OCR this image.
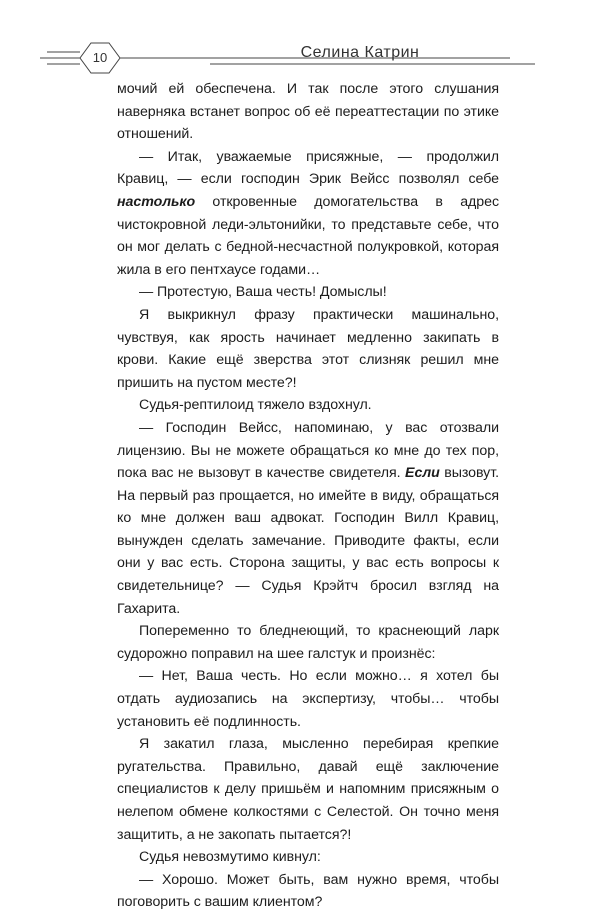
10	Селина Катрин

мочий ей обеспечена. И так после этого слушания наверняка встанет вопрос об её переаттестации по этике отношений.

— Итак, уважаемые присяжные, — продолжил Кравиц, — если господин Эрик Вейсс позволял себе настолько откровенные домогательства в адрес чистокровной леди-эльтонийки, то представьте себе, что он мог делать с бедной-несчастной полукровкой, которая жила в его пентхаусе годами…

— Протестую, Ваша честь! Домыслы!

Я выкрикнул фразу практически машинально, чувствуя, как ярость начинает медленно закипать в крови. Какие ещё зверства этот слизняк решил мне пришить на пустом месте?!

Судья-рептилоид тяжело вздохнул.

— Господин Вейсс, напоминаю, у вас отозвали лицензию. Вы не можете обращаться ко мне до тех пор, пока вас не вызовут в качестве свидетеля. Если вызовут. На первый раз прощается, но имейте в виду, обращаться ко мне должен ваш адвокат. Господин Вилл Кравиц, вынужден сделать замечание. Приводите факты, если они у вас есть. Сторона защиты, у вас есть вопросы к свидетельнице? — Судья Крэйтч бросил взгляд на Гахарита.

Попеременно то бледнеющий, то краснеющий ларк судорожно поправил на шее галстук и произнёс:

— Нет, Ваша честь. Но если можно… я хотел бы отдать аудиозапись на экспертизу, чтобы… чтобы установить её подлинность.

Я закатил глаза, мысленно перебирая крепкие ругательства. Правильно, давай ещё заключение специалистов к делу пришьём и напомним присяжным о нелепом обмене колкостями с Селестой. Он точно меня защитить, а не закопать пытается?!

Судья невозмутимо кивнул:

— Хорошо. Может быть, вам нужно время, чтобы поговорить с вашим клиентом?
